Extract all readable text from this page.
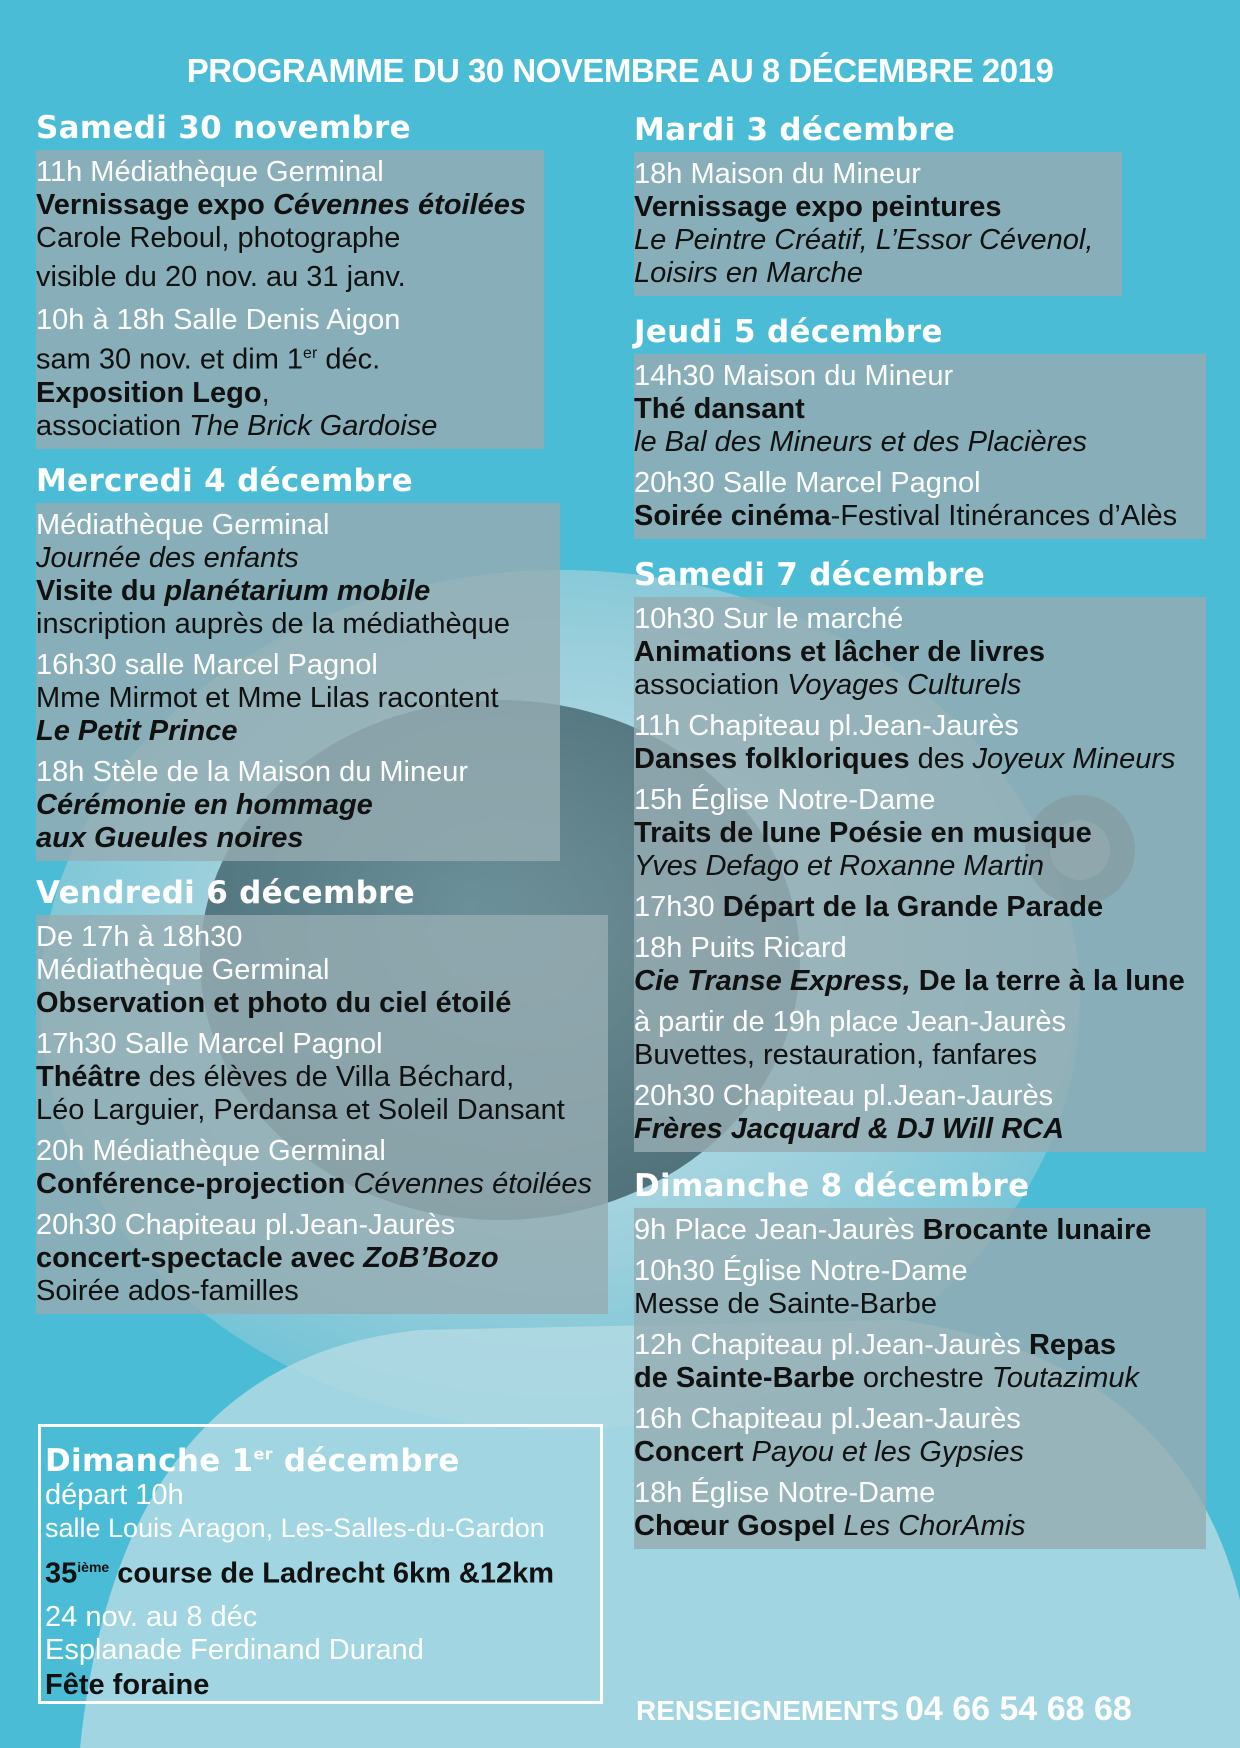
PROGRAMME DU 30 NOVEMBRE AU 8 DÉCEMBRE 2019
Samedi 30 novembre
11h Médiathèque Germinal
Vernissage expo Cévennes étoilées
Carole Reboul, photographe
visible du 20 nov. au 31 janv.
10h à 18h Salle Denis Aigon
sam 30 nov. et dim 1er déc.
Exposition Lego,
association The Brick Gardoise
Mercredi 4 décembre
Médiathèque Germinal
Journée des enfants
Visite du planétarium mobile
inscription auprès de la médiathèque
16h30 salle Marcel Pagnol
Mme Mirmot et Mme Lilas racontent
Le Petit Prince
18h Stèle de la Maison du Mineur
Cérémonie en hommage
aux Gueules noires
Vendredi 6 décembre
De 17h à 18h30
Médiathèque Germinal
Observation et photo du ciel étoilé
17h30 Salle Marcel Pagnol
Théâtre des élèves de Villa Béchard,
Léo Larguier, Perdansa et Soleil Dansant
20h Médiathèque Germinal
Conférence-projection Cévennes étoilées
20h30 Chapiteau pl.Jean-Jaurès
concert-spectacle avec ZoB’Bozo
Soirée ados-familles
Dimanche 1er décembre
départ 10h
salle Louis Aragon, Les-Salles-du-Gardon
35ième course de Ladrecht 6km &12km
24 nov. au 8 déc
Esplanade Ferdinand Durand
Fête foraine
Mardi 3 décembre
18h Maison du Mineur
Vernissage expo peintures
Le Peintre Créatif, L’Essor Cévenol,
Loisirs en Marche
Jeudi 5 décembre
14h30 Maison du Mineur
Thé dansant
le Bal des Mineurs et des Placières
20h30 Salle Marcel Pagnol
Soirée cinéma-Festival Itinérances d’Alès
Samedi 7 décembre
10h30 Sur le marché
Animations et lâcher de livres
association Voyages Culturels
11h Chapiteau pl.Jean-Jaurès
Danses folkloriques des Joyeux Mineurs
15h Église Notre-Dame
Traits de lune Poésie en musique
Yves Defago et Roxanne Martin
17h30 Départ de la Grande Parade
18h Puits Ricard
Cie Transe Express, De la terre à la lune
à partir de 19h place Jean-Jaurès
Buvettes, restauration, fanfares
20h30 Chapiteau pl.Jean-Jaurès
Frères Jacquard & DJ Will RCA
Dimanche 8 décembre
9h Place Jean-Jaurès Brocante lunaire
10h30 Église Notre-Dame
Messe de Sainte-Barbe
12h Chapiteau pl.Jean-Jaurès Repas
de Sainte-Barbe orchestre Toutazimuk
16h Chapiteau pl.Jean-Jaurès
Concert Payou et les Gypsies
18h Église Notre-Dame
Chœur Gospel Les ChorAmis
RENSEIGNEMENTS 04 66 54 68 68
